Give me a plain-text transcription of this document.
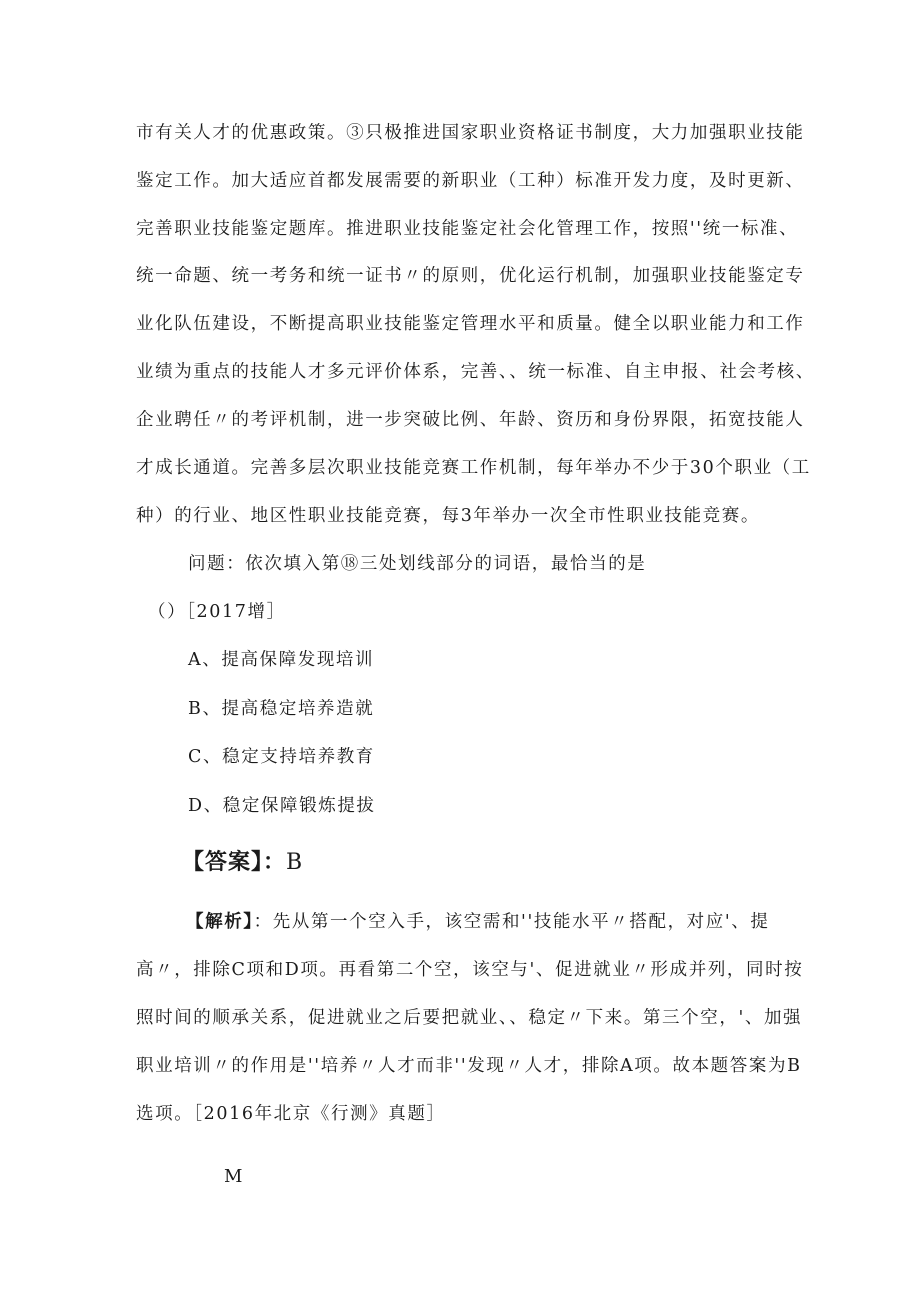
市有关人才的优惠政策。③只极推进国家职业资格证书制度，大力加强职业技能
鉴定工作。加大适应首都发展需要的新职业（工种）标准开发力度，及时更新、
完善职业技能鉴定题库。推进职业技能鉴定社会化管理工作，按照''统一标准、
统一命题、统一考务和统一证书〃的原则，优化运行机制，加强职业技能鉴定专
业化队伍建设，不断提高职业技能鉴定管理水平和质量。健全以职业能力和工作
业绩为重点的技能人才多元评价体系，完善、、统一标准、自主申报、社会考核、
企业聘任〃的考评机制，进一步突破比例、年龄、资历和身份界限，拓宽技能人
才成长通道。完善多层次职业技能竞赛工作机制，每年举办不少于30个职业（工
种）的行业、地区性职业技能竞赛，每3年举办一次全市性职业技能竞赛。
问题：依次填入第⑱三处划线部分的词语，最恰当的是
（）［2017增］
A、提高保障发现培训
B、提高稳定培养造就
C、稳定支持培养教育
D、稳定保障锻炼提拔
【答案】：B
【解析】：先从第一个空入手，该空需和''技能水平〃搭配，对应'、提
高〃，排除C项和D项。再看第二个空，该空与'、促进就业〃形成并列，同时按
照时间的顺承关系，促进就业之后要把就业、、稳定〃下来。第三个空，'、加强
职业培训〃的作用是''培养〃人才而非''发现〃人才，排除A项。故本题答案为B
选项。［2016年北京《行测》真题］
M
